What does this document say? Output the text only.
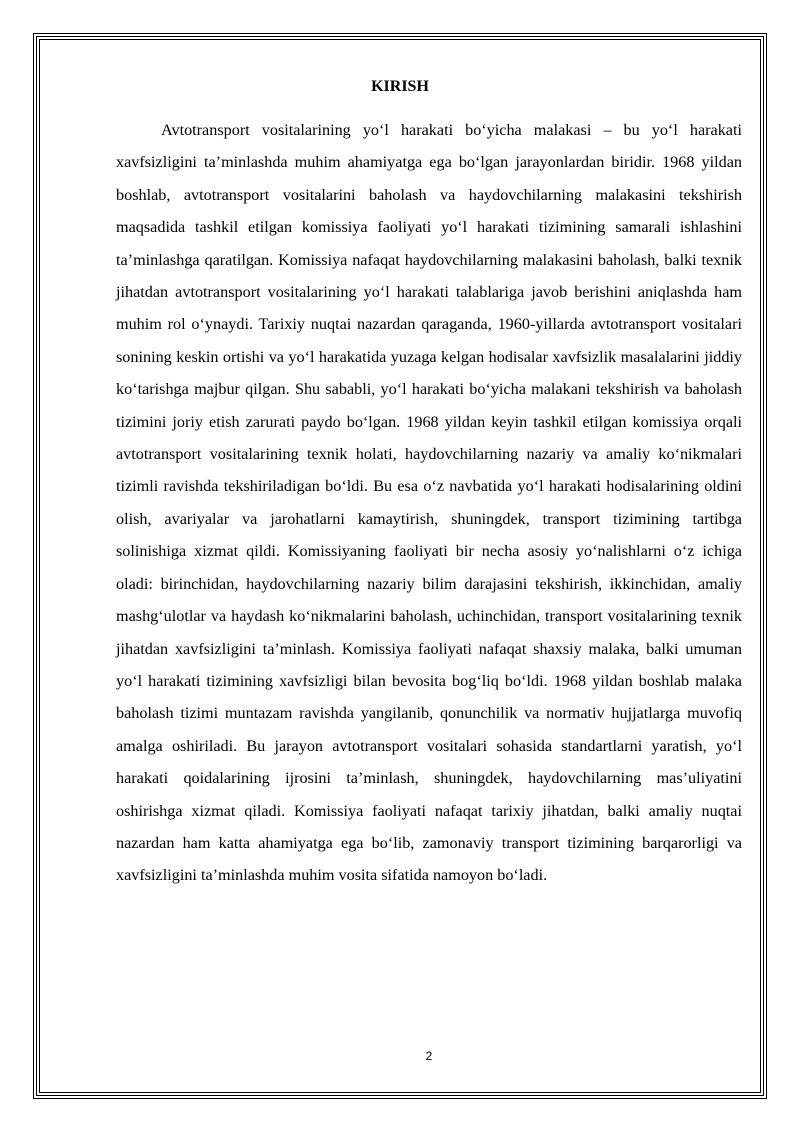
KIRISH

Avtotransport vositalarining yo‘l harakati bo‘yicha malakasi – bu yo‘l harakati xavfsizligini ta’minlashda muhim ahamiyatga ega bo‘lgan jarayonlardan biridir. 1968 yildan boshlab, avtotransport vositalarini baholash va haydovchilarning malakasini tekshirish maqsadida tashkil etilgan komissiya faoliyati yo‘l harakati tizimining samarali ishlashini ta’minlashga qaratilgan. Komissiya nafaqat haydovchilarning malakasini baholash, balki texnik jihatdan avtotransport vositalarining yo‘l harakati talablariga javob berishini aniqlashda ham muhim rol o‘ynaydi. Tarixiy nuqtai nazardan qaraganda, 1960-yillarda avtotransport vositalari sonining keskin ortishi va yo‘l harakatida yuzaga kelgan hodisalar xavfsizlik masalalarini jiddiy ko‘tarishga majbur qilgan. Shu sababli, yo‘l harakati bo‘yicha malakani tekshirish va baholash tizimini joriy etish zarurati paydo bo‘lgan. 1968 yildan keyin tashkil etilgan komissiya orqali avtotransport vositalarining texnik holati, haydovchilarning nazariy va amaliy ko‘nikmalari tizimli ravishda tekshiriladigan bo‘ldi. Bu esa o‘z navbatida yo‘l harakati hodisalarining oldini olish, avariyalar va jarohatlarni kamaytirish, shuningdek, transport tizimining tartibga solinishiga xizmat qildi. Komissiyaning faoliyati bir necha asosiy yo‘nalishlarni o‘z ichiga oladi: birinchidan, haydovchilarning nazariy bilim darajasini tekshirish, ikkinchidan, amaliy mashg‘ulotlar va haydash ko‘nikmalarini baholash, uchinchidan, transport vositalarining texnik jihatdan xavfsizligini ta’minlash. Komissiya faoliyati nafaqat shaxsiy malaka, balki umuman yo‘l harakati tizimining xavfsizligi bilan bevosita bog‘liq bo‘ldi. 1968 yildan boshlab malaka baholash tizimi muntazam ravishda yangilanib, qonunchilik va normativ hujjatlarga muvofiq amalga oshiriladi. Bu jarayon avtotransport vositalari sohasida standartlarni yaratish, yo‘l harakati qoidalarining ijrosini ta’minlash, shuningdek, haydovchilarning mas’uliyatini oshirishga xizmat qiladi. Komissiya faoliyati nafaqat tarixiy jihatdan, balki amaliy nuqtai nazardan ham katta ahamiyatga ega bo‘lib, zamonaviy transport tizimining barqarorligi va xavfsizligini ta’minlashda muhim vosita sifatida namoyon bo‘ladi.

2
